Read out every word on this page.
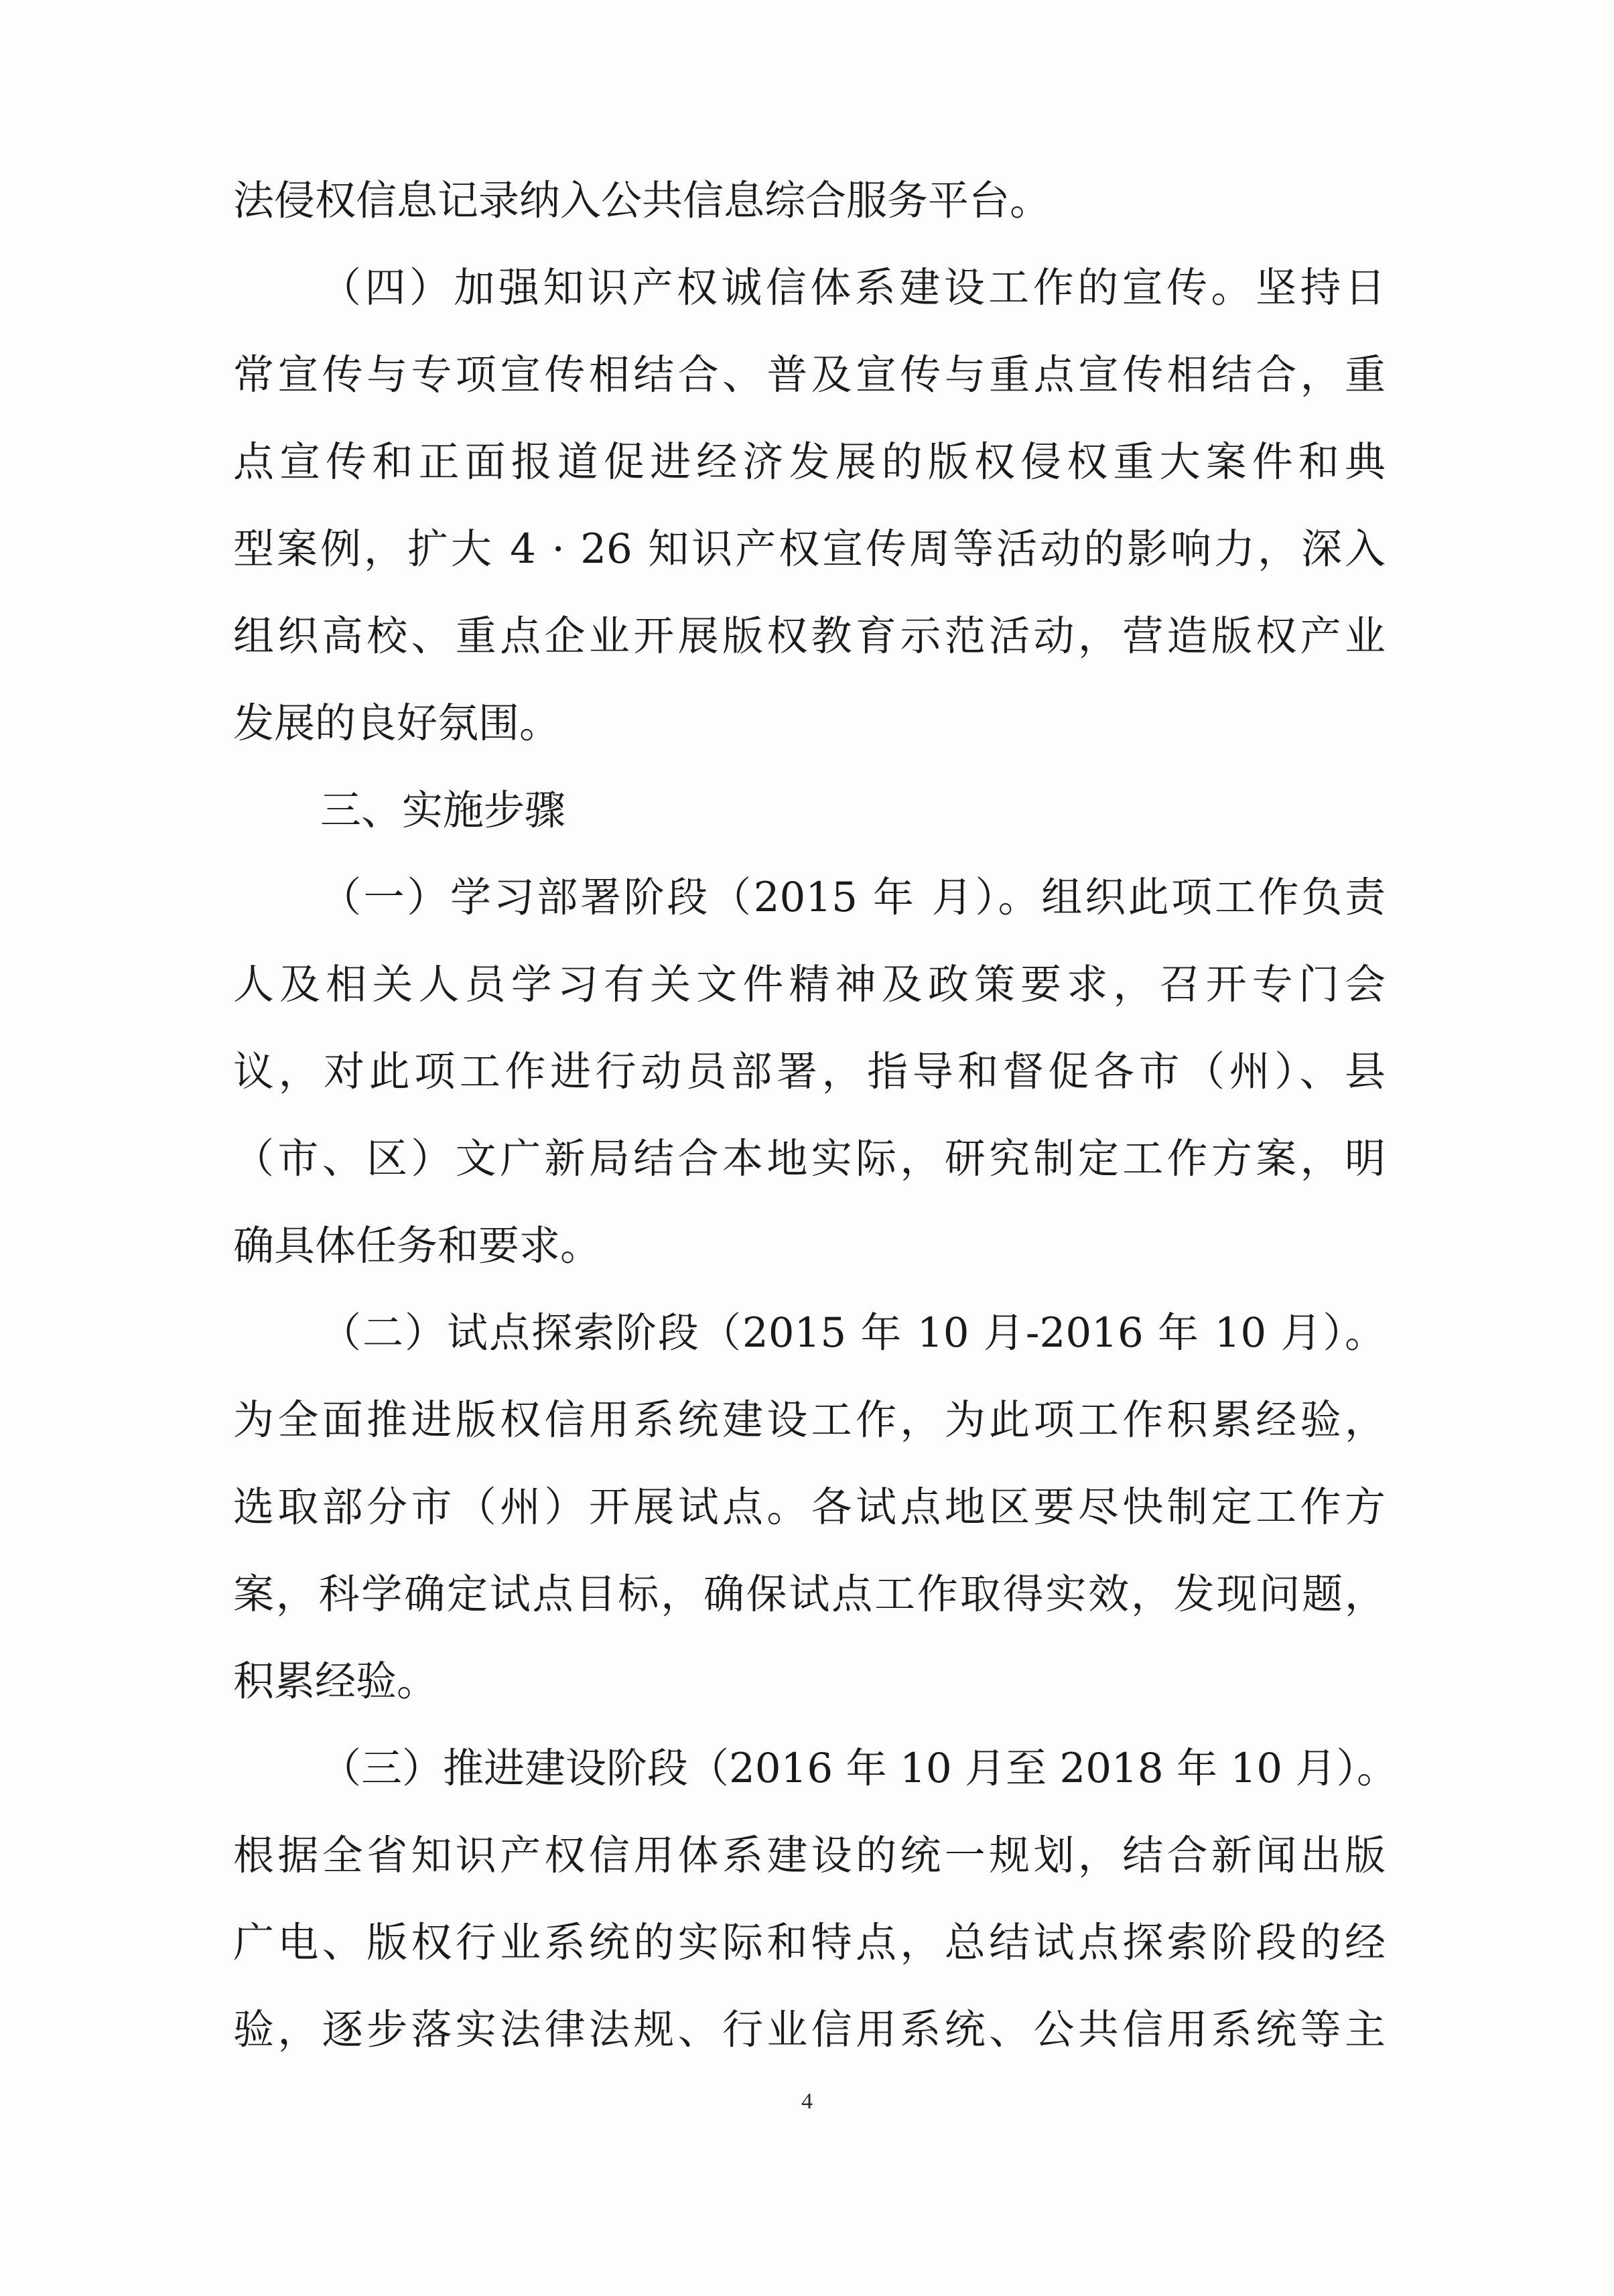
法侵权信息记录纳入公共信息综合服务平台。
（四）加强知识产权诚信体系建设工作的宣传。坚持日
常宣传与专项宣传相结合、普及宣传与重点宣传相结合，重
点宣传和正面报道促进经济发展的版权侵权重大案件和典
型案例，扩大 4 · 26 知识产权宣传周等活动的影响力，深入
组织高校、重点企业开展版权教育示范活动，营造版权产业
发展的良好氛围。
三、实施步骤
（一）学习部署阶段（2015 年 月）。组织此项工作负责
人及相关人员学习有关文件精神及政策要求，召开专门会
议，对此项工作进行动员部署，指导和督促各市（州）、县
（市、区）文广新局结合本地实际，研究制定工作方案，明
确具体任务和要求。
（二）试点探索阶段（2015 年 10 月-2016 年 10 月）。
为全面推进版权信用系统建设工作，为此项工作积累经验，
选取部分市（州）开展试点。各试点地区要尽快制定工作方
案，科学确定试点目标，确保试点工作取得实效，发现问题，
积累经验。
（三）推进建设阶段（2016 年 10 月至 2018 年 10 月）。
根据全省知识产权信用体系建设的统一规划，结合新闻出版
广电、版权行业系统的实际和特点，总结试点探索阶段的经
验，逐步落实法律法规、行业信用系统、公共信用系统等主
4
